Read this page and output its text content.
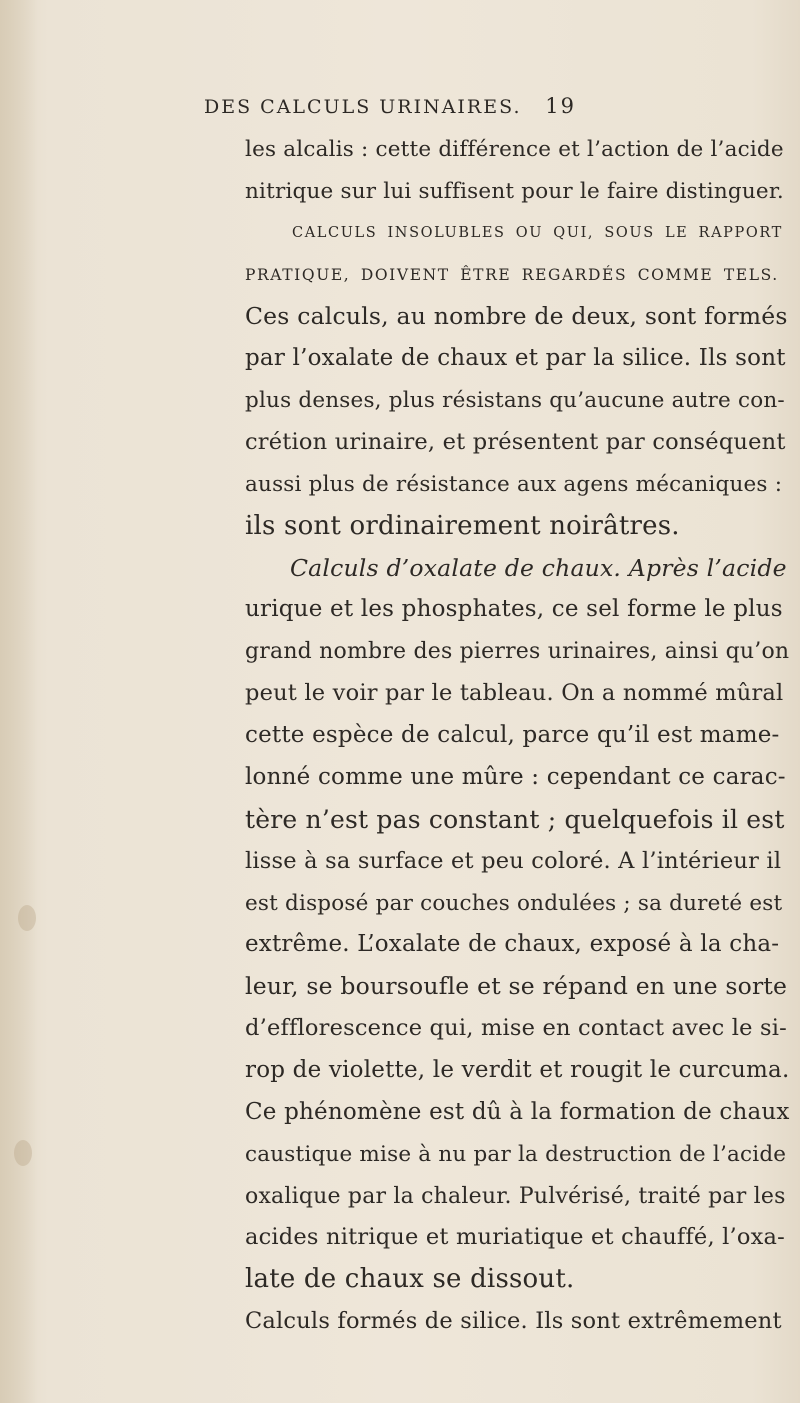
DES CALCULS URINAIRES. 19
les alcalis : cette différence et l’action de l’acide
nitrique sur lui suffisent pour le faire distinguer.
CALCULS INSOLUBLES OU QUI, SOUS LE RAPPORT
PRATIQUE, DOIVENT ÊTRE REGARDÉS COMME TELS.
Ces calculs, au nombre de deux, sont formés
par l’oxalate de chaux et par la silice. Ils sont
plus denses, plus résistans qu’aucune autre con-
crétion urinaire, et présentent par conséquent
aussi plus de résistance aux agens mécaniques :
ils sont ordinairement noirâtres.
Calculs d’oxalate de chaux. Après l’acide
urique et les phosphates, ce sel forme le plus
grand nombre des pierres urinaires, ainsi qu’on
peut le voir par le tableau. On a nommé mûral
cette espèce de calcul, parce qu’il est mame-
lonné comme une mûre : cependant ce carac-
tère n’est pas constant ; quelquefois il est
lisse à sa surface et peu coloré. A l’intérieur il
est disposé par couches ondulées ; sa dureté est
extrême. L’oxalate de chaux, exposé à la cha-
leur, se boursoufle et se répand en une sorte
d’efflorescence qui, mise en contact avec le si-
rop de violette, le verdit et rougit le curcuma.
Ce phénomène est dû à la formation de chaux
caustique mise à nu par la destruction de l’acide
oxalique par la chaleur. Pulvérisé, traité par les
acides nitrique et muriatique et chauffé, l’oxa-
late de chaux se dissout.
Calculs formés de silice. Ils sont extrêmement
